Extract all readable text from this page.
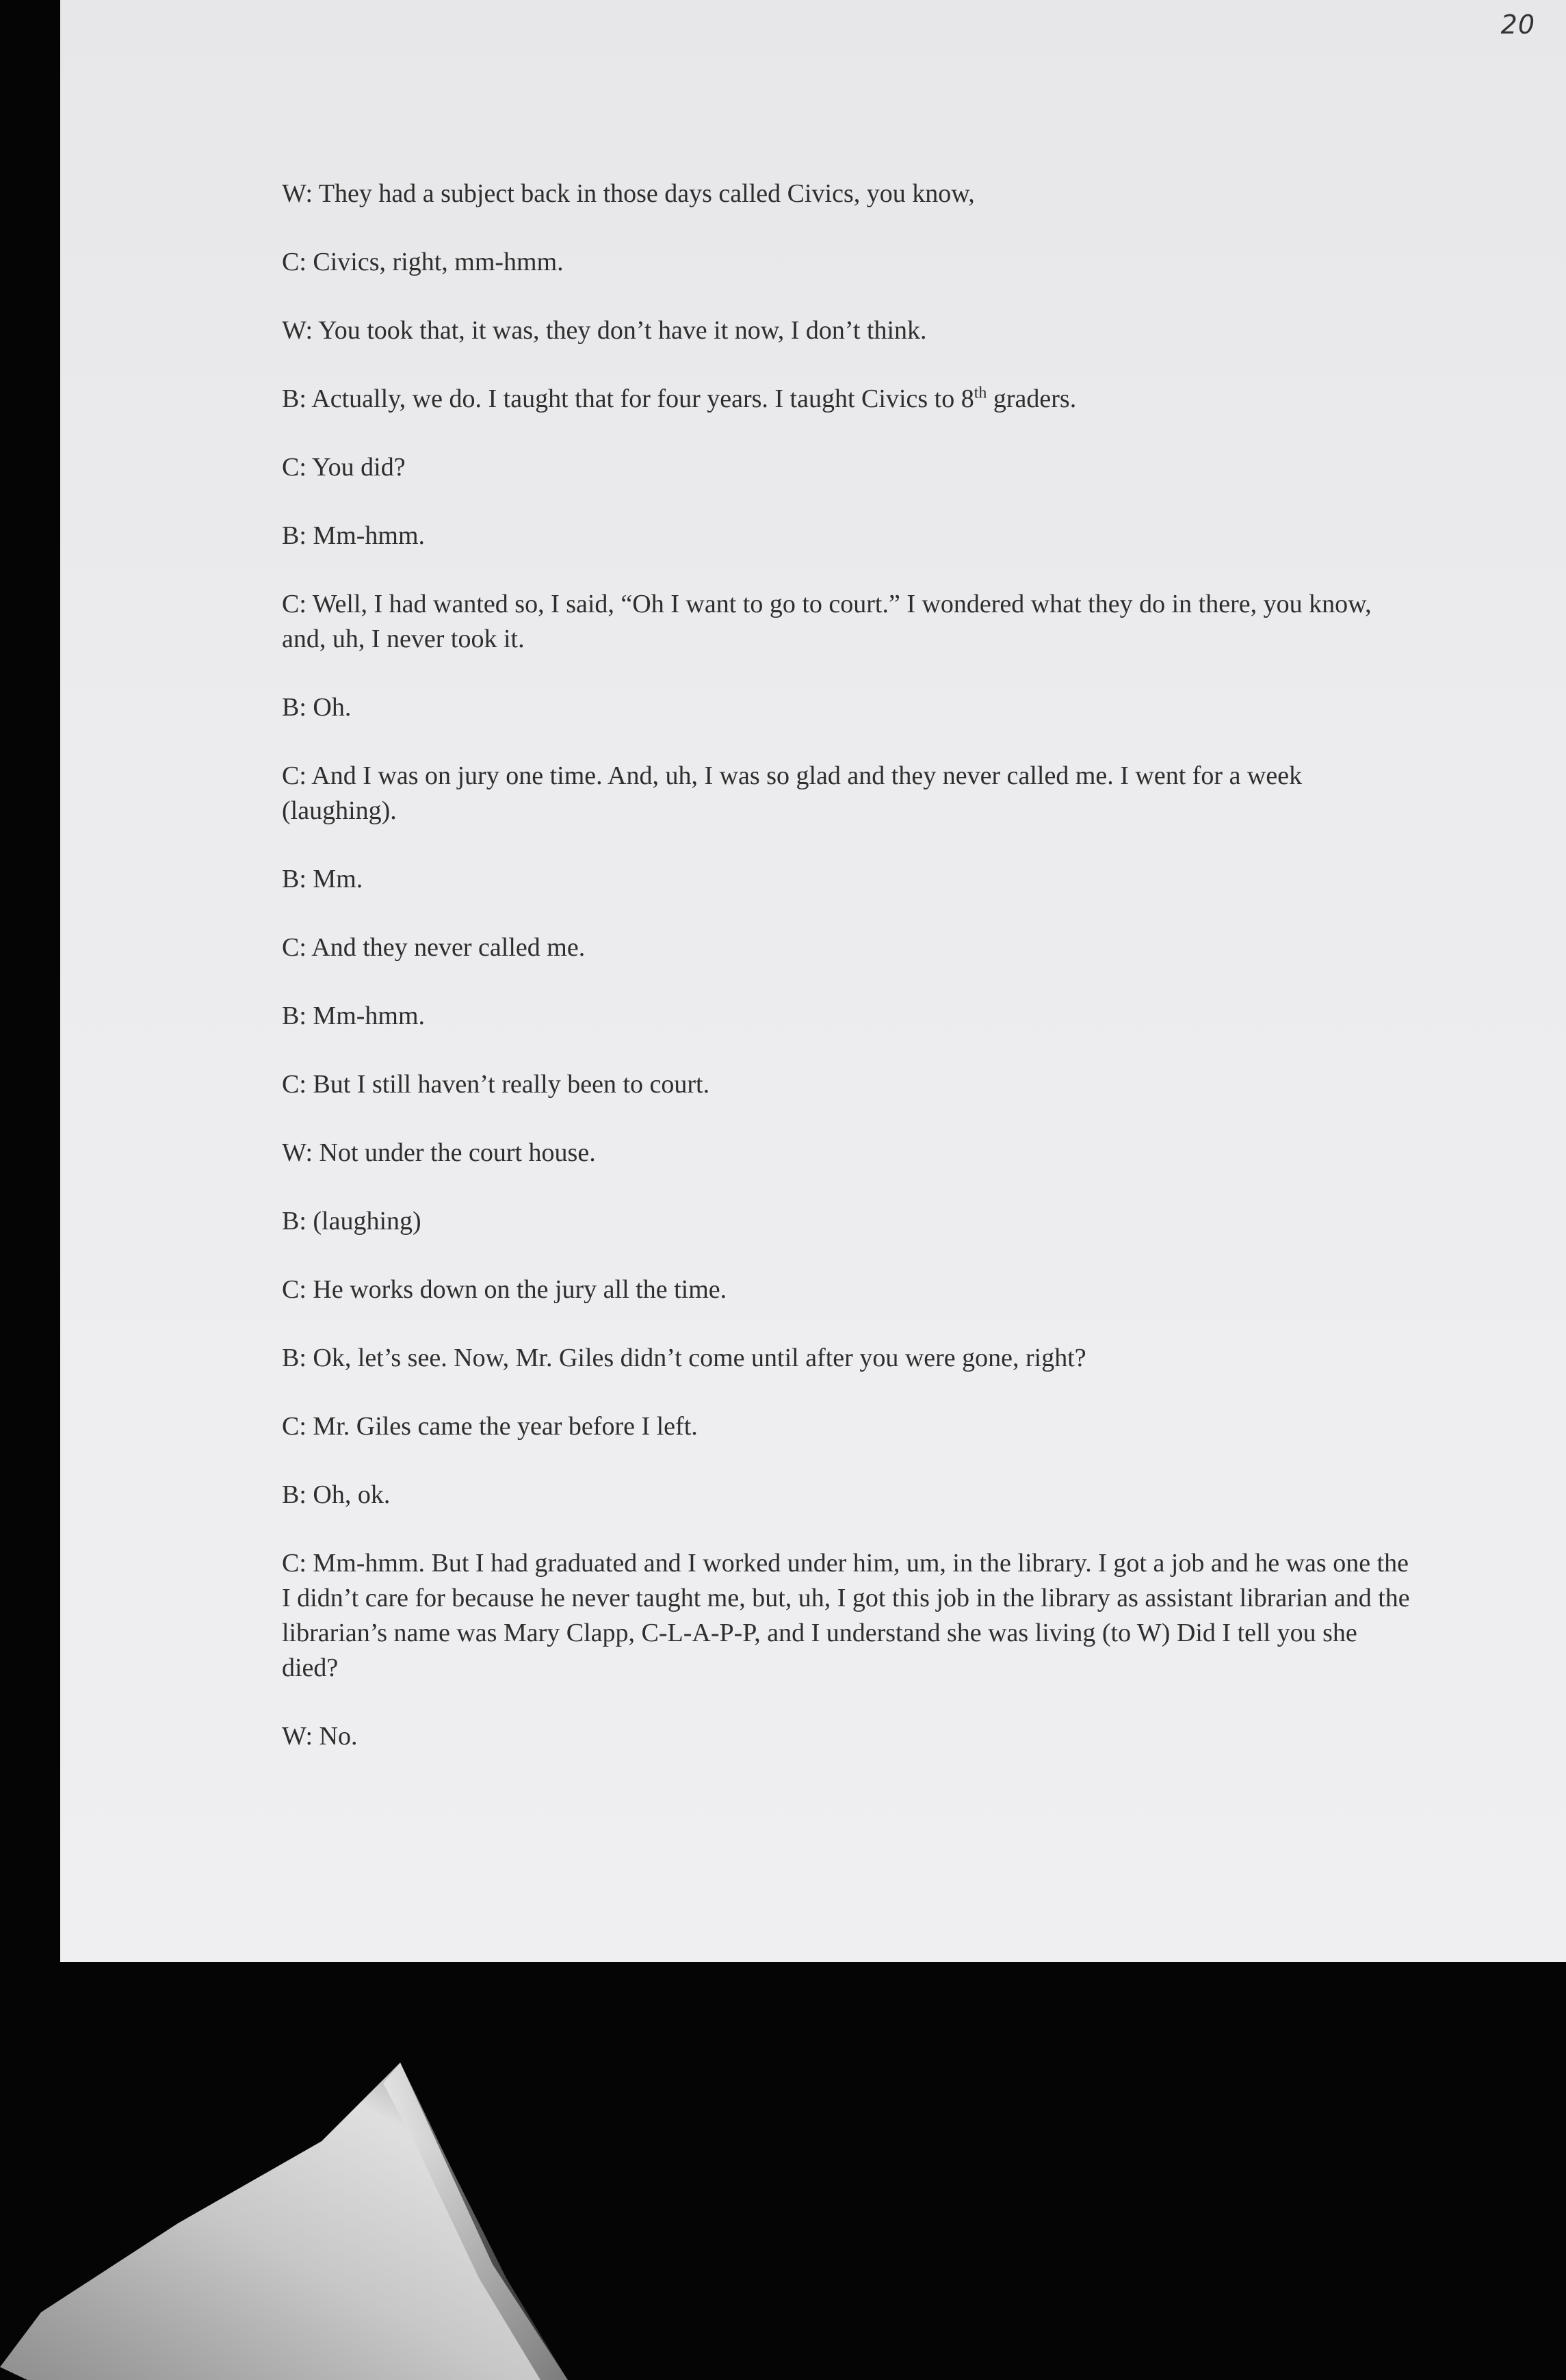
20

W: They had a subject back in those days called Civics, you know,

C: Civics, right, mm-hmm.

W: You took that, it was, they don’t have it now, I don’t think.

B: Actually, we do. I taught that for four years. I taught Civics to 8th graders.

C: You did?

B: Mm-hmm.

C: Well, I had wanted so, I said, “Oh I want to go to court.” I wondered what they do in there, you know, and, uh, I never took it.

B: Oh.

C: And I was on jury one time. And, uh, I was so glad and they never called me. I went for a week (laughing).

B: Mm.

C: And they never called me.

B: Mm-hmm.

C: But I still haven’t really been to court.

W: Not under the court house.

B: (laughing)

C: He works down on the jury all the time.

B: Ok, let’s see. Now, Mr. Giles didn’t come until after you were gone, right?

C: Mr. Giles came the year before I left.

B: Oh, ok.

C: Mm-hmm. But I had graduated and I worked under him, um, in the library. I got a job and he was one the I didn’t care for because he never taught me, but, uh, I got this job in the library as assistant librarian and the librarian’s name was Mary Clapp, C-L-A-P-P, and I understand she was living (to W) Did I tell you she died?

W: No.
